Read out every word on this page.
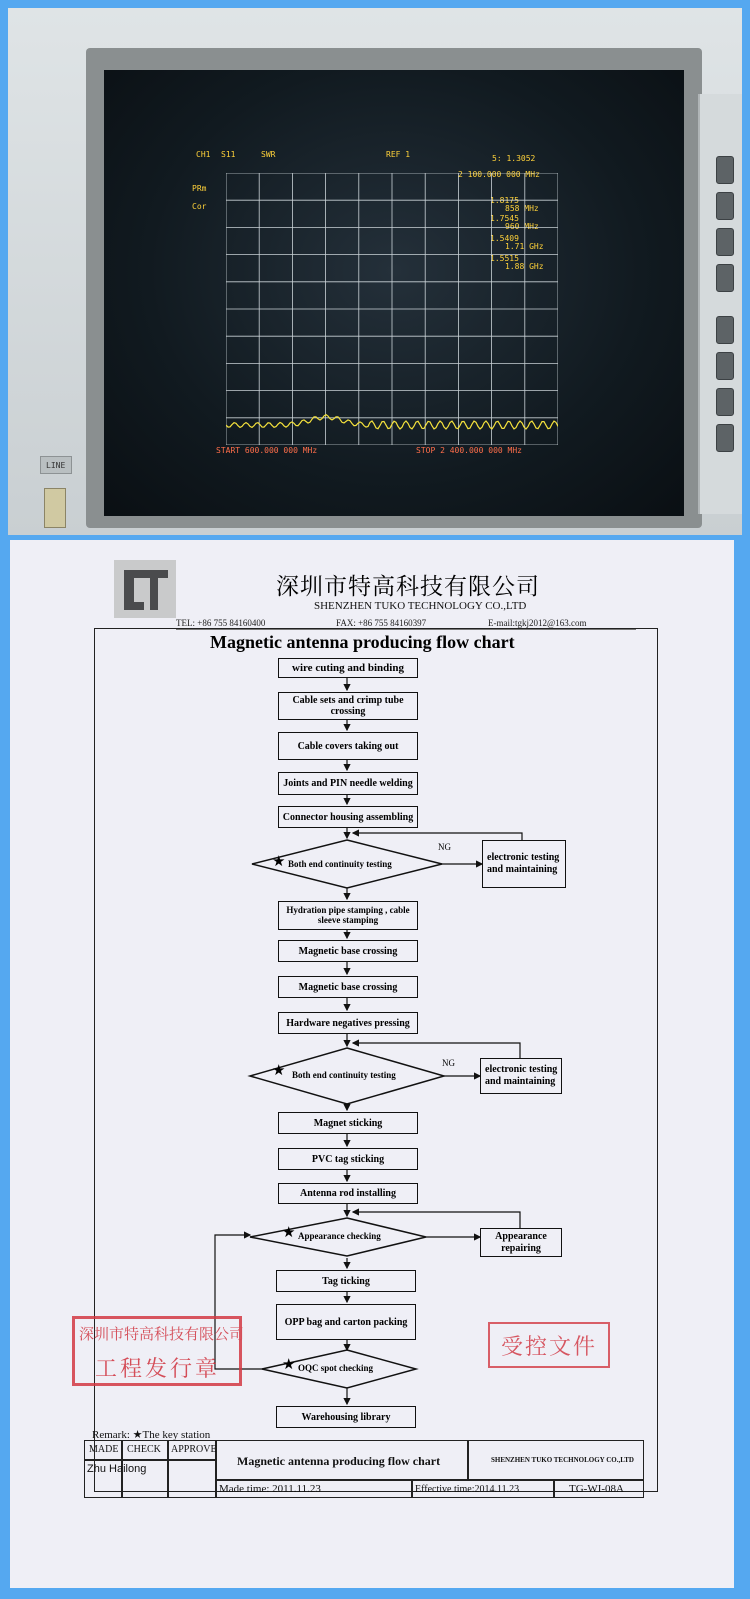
LINE
CH1 S11	SWR	REF 1	5: 1.3052
2 100.000 000 MHz
PRm
Cor
1.8175
858 MHz
1.7545
960 MHz
1.5409
1.71 GHz
1.5515
1.88 GHz
START 600.000 000 MHz	STOP 2 400.000 000 MHz
深圳市特高科技有限公司
SHENZHEN TUKO TECHNOLOGY CO.,LTD
TEL: +86 755 84160400	FAX: +86 755 84160397	E-mail:tgkj2012@163.com
Magnetic antenna producing flow chart
wire cuting and binding
Cable sets and crimp tube crossing
Cable covers taking out
Joints and PIN needle welding
Connector housing assembling
★ Both end continuity testing
NG
electronic testing and maintaining
Hydration pipe stamping , cable sleeve stamping
Magnetic base crossing
Magnetic base crossing
Hardware negatives pressing
★ Both end continuity testing
NG
electronic testing and maintaining
Magnet sticking
PVC tag sticking
Antenna rod installing
★ Appearance checking	Appearance repairing
Tag ticking
OPP bag and carton packing
★ OQC spot checking
Warehousing library
深圳市特高科技有限公司
工程发行章
受控文件
Remark: ★The key station
MADE CHECK APPROVE
Zhu Hailong
Magnetic antenna producing flow chart	SHENZHEN TUKO TECHNOLOGY CO.,LTD
Made time: 2011.11.23	Effective time:2014.11.23	TG-WI-08A
